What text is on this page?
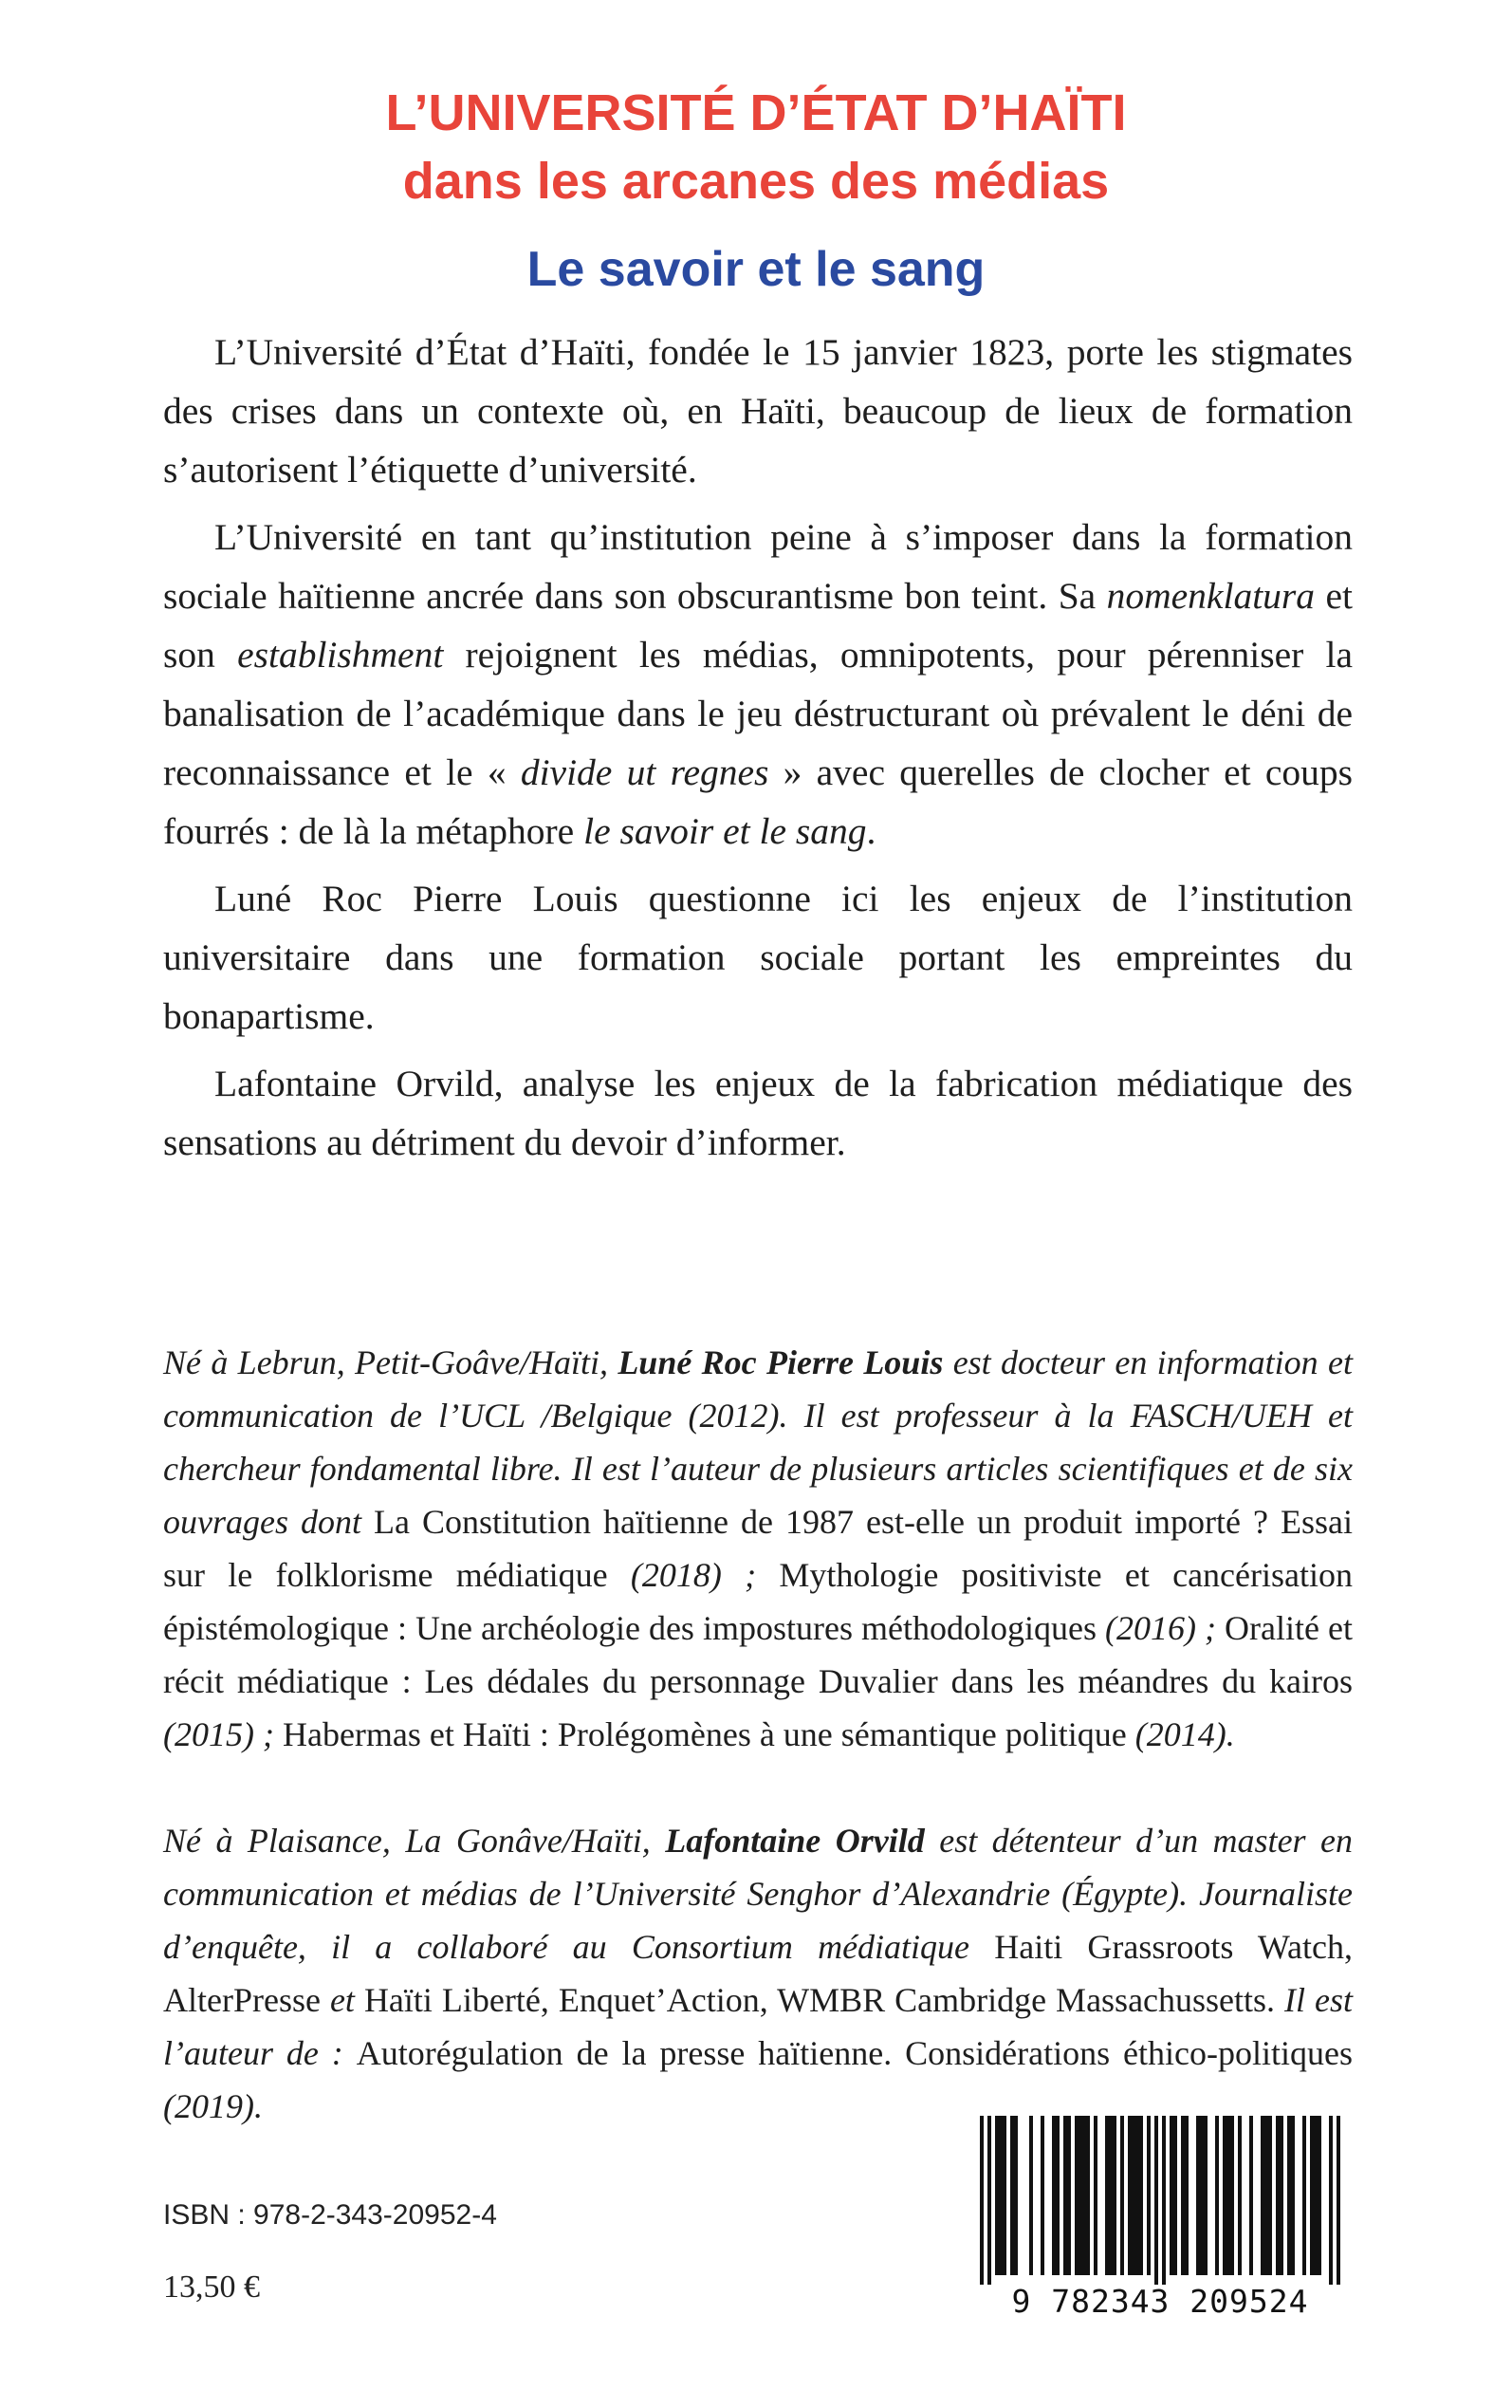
L’UNIVERSITÉ D’ÉTAT D’HAÏTI
dans les arcanes des médias
Le savoir et le sang

L’Université d’État d’Haïti, fondée le 15 janvier 1823, porte les stigmates des crises dans un contexte où, en Haïti, beaucoup de lieux de formation s’autorisent l’étiquette d’université.

L’Université en tant qu’institution peine à s’imposer dans la formation sociale haïtienne ancrée dans son obscurantisme bon teint. Sa nomenklatura et son establishment rejoignent les médias, omnipotents, pour pérenniser la banalisation de l’académique dans le jeu déstructurant où prévalent le déni de reconnaissance et le « divide ut regnes » avec querelles de clocher et coups fourrés : de là la métaphore le savoir et le sang.

Luné Roc Pierre Louis questionne ici les enjeux de l’institution universitaire dans une formation sociale portant les empreintes du bonapartisme.

Lafontaine Orvild, analyse les enjeux de la fabrication médiatique des sensations au détriment du devoir d’informer.

Né à Lebrun, Petit-Goâve/Haïti, Luné Roc Pierre Louis est docteur en information et communication de l’UCL /Belgique (2012). Il est professeur à la FASCH/UEH et chercheur fondamental libre. Il est l’auteur de plusieurs articles scientifiques et de six ouvrages dont La Constitution haïtienne de 1987 est-elle un produit importé ? Essai sur le folklorisme médiatique (2018) ; Mythologie positiviste et cancérisation épistémologique : Une archéologie des impostures méthodologiques (2016) ; Oralité et récit médiatique : Les dédales du personnage Duvalier dans les méandres du kairos (2015) ; Habermas et Haïti : Prolégomènes à une sémantique politique (2014).

Né à Plaisance, La Gonâve/Haïti, Lafontaine Orvild est détenteur d’un master en communication et médias de l’Université Senghor d’Alexandrie (Égypte). Journaliste d’enquête, il a collaboré au Consortium médiatique Haiti Grassroots Watch, AlterPresse et Haïti Liberté, Enquet’Action, WMBR Cambridge Massachussetts. Il est l’auteur de : Autorégulation de la presse haïtienne. Considérations éthico-politiques (2019).

ISBN : 978-2-343-20952-4
13,50 €	9 782343 209524
